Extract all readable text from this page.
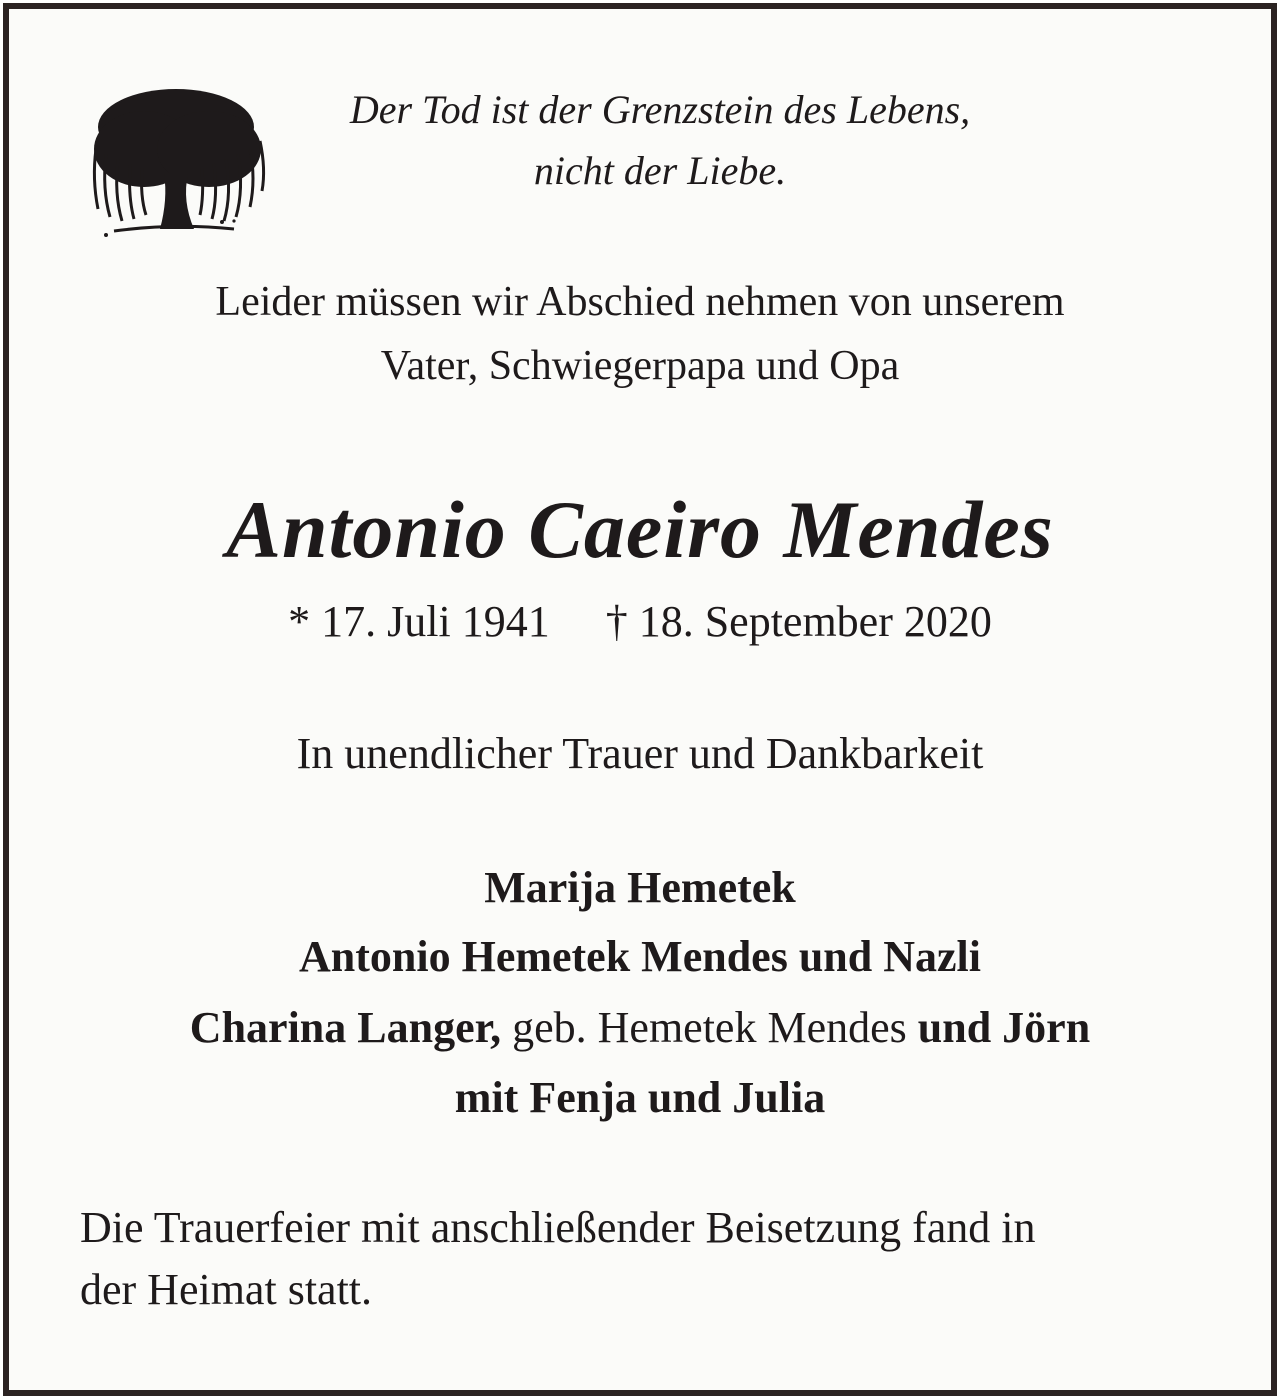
Der Tod ist der Grenzstein des Lebens,

nicht der Liebe.

Leider müssen wir Abschied nehmen von unserem

Vater, Schwiegerpapa und Opa

Antonio Caeiro Mendes

* 17. Juli 1941 † 18. September 2020

In unendlicher Trauer und Dankbarkeit

Marija Hemetek

Antonio Hemetek Mendes und Nazli

Charina Langer, geb. Hemetek Mendes und Jörn

mit Fenja und Julia

Die Trauerfeier mit anschließender Beisetzung fand in

der Heimat statt.
